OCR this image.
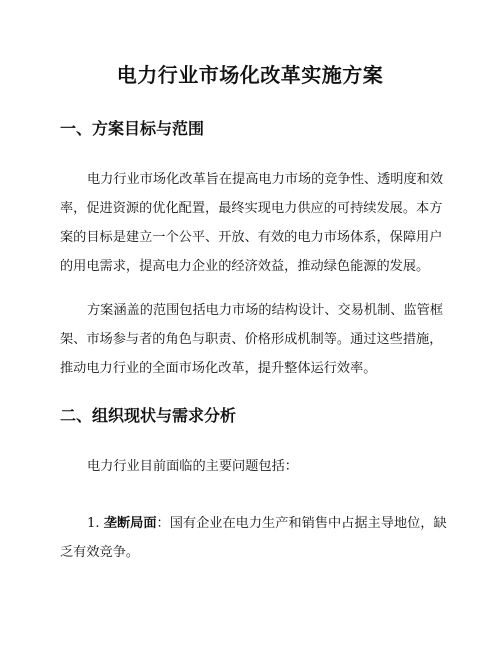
电力行业市场化改革实施方案
一、方案目标与范围
电力行业市场化改革旨在提高电力市场的竞争性、透明度和效
率，促进资源的优化配置，最终实现电力供应的可持续发展。本方
案的目标是建立一个公平、开放、有效的电力市场体系，保障用户
的用电需求，提高电力企业的经济效益，推动绿色能源的发展。
方案涵盖的范围包括电力市场的结构设计、交易机制、监管框
架、市场参与者的角色与职责、价格形成机制等。通过这些措施，
推动电力行业的全面市场化改革，提升整体运行效率。
二、组织现状与需求分析
电力行业目前面临的主要问题包括：
1. 垄断局面：国有企业在电力生产和销售中占据主导地位，缺
乏有效竞争。
